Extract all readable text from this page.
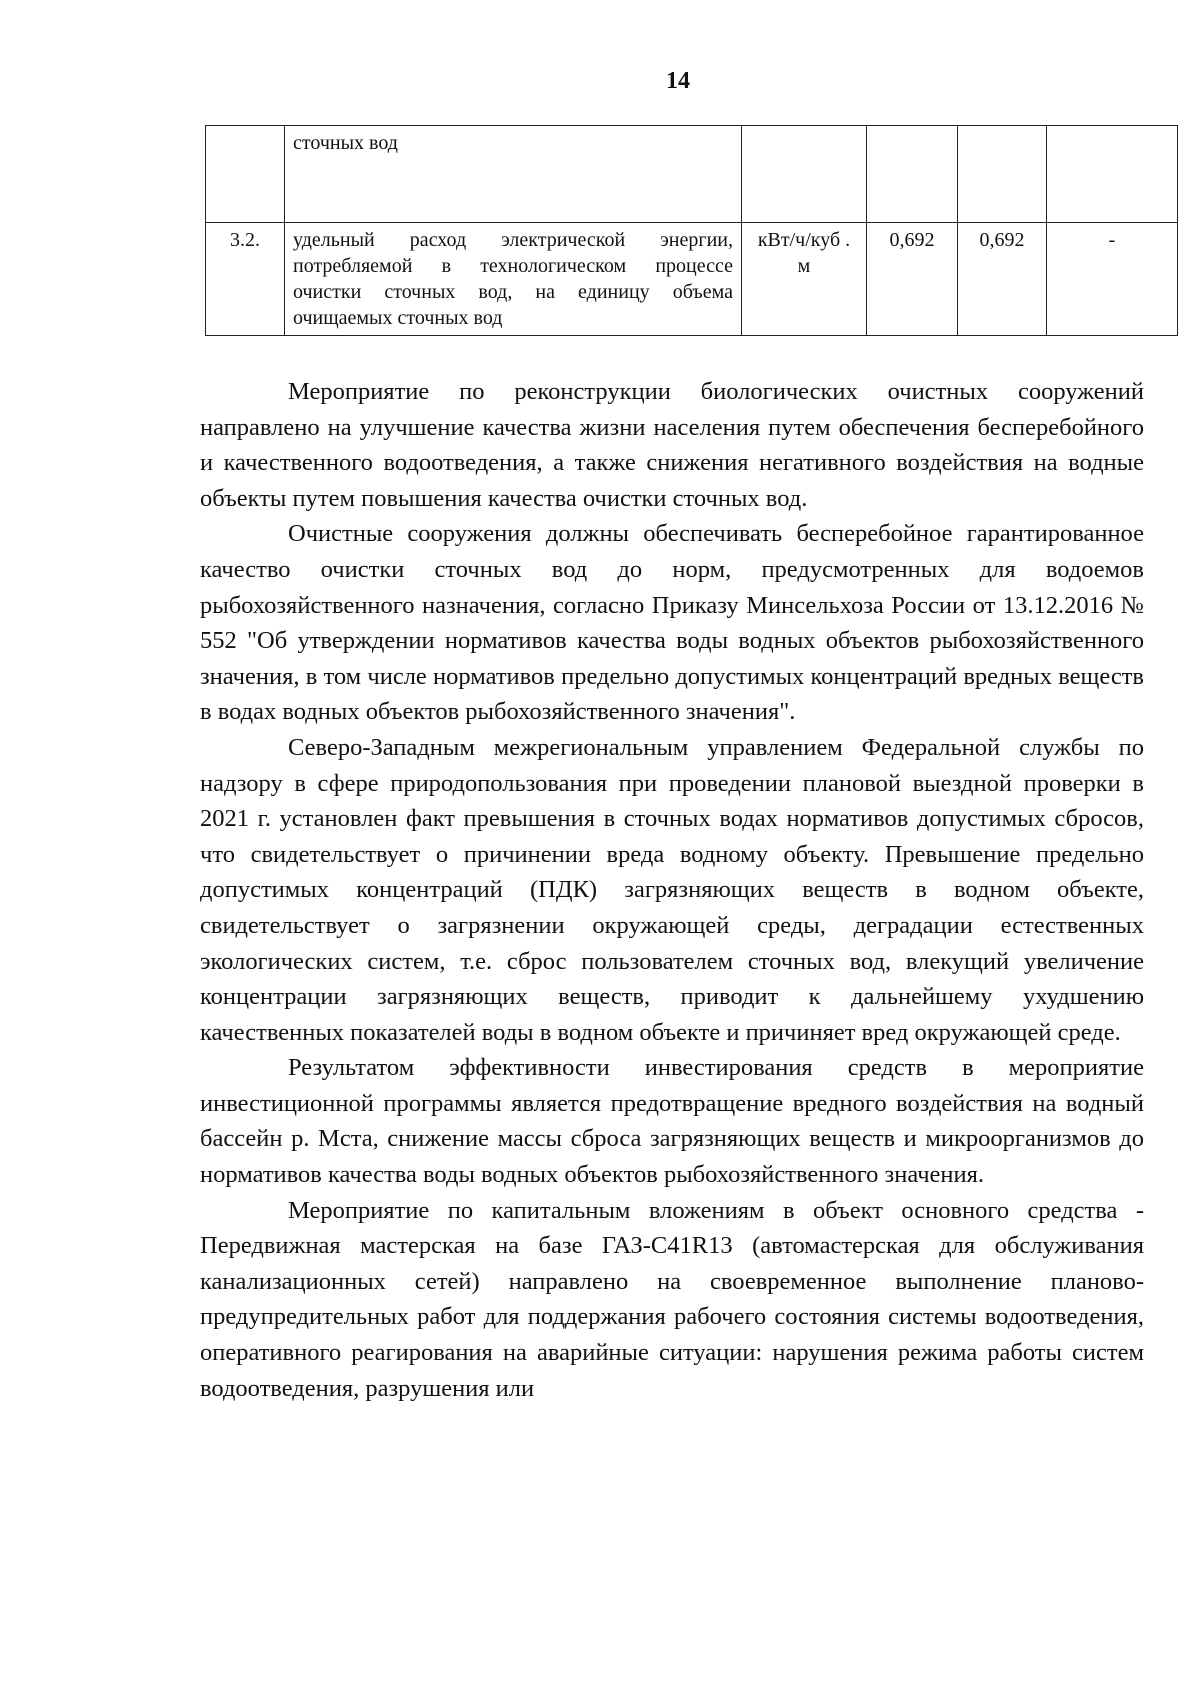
14
	сточных вод				
3.2.	удельный расход электрической энергии, потребляемой в технологическом процессе очистки сточных вод, на единицу объема очищаемых сточных вод	кВт/ч/куб . м	0,692	0,692	-

Мероприятие по реконструкции биологических очистных сооружений направлено на улучшение качества жизни населения путем обеспечения бесперебойного и качественного водоотведения, а также снижения негативного воздействия на водные объекты путем повышения качества очистки сточных вод.

Очистные сооружения должны обеспечивать бесперебойное гарантированное качество очистки сточных вод до норм, предусмотренных для водоемов рыбохозяйственного назначения, согласно Приказу Минсельхоза России от 13.12.2016 № 552 "Об утверждении нормативов качества воды водных объектов рыбохозяйственного значения, в том числе нормативов предельно допустимых концентраций вредных веществ в водах водных объектов рыбохозяйственного значения".

Северо-Западным межрегиональным управлением Федеральной службы по надзору в сфере природопользования при проведении плановой выездной проверки в 2021 г. установлен факт превышения в сточных водах нормативов допустимых сбросов, что свидетельствует о причинении вреда водному объекту. Превышение предельно допустимых концентраций (ПДК) загрязняющих веществ в водном объекте, свидетельствует о загрязнении окружающей среды, деградации естественных экологических систем, т.е. сброс пользователем сточных вод, влекущий увеличение концентрации загрязняющих веществ, приводит к дальнейшему ухудшению качественных показателей воды в водном объекте и причиняет вред окружающей среде.

Результатом эффективности инвестирования средств в мероприятие инвестиционной программы является предотвращение вредного воздействия на водный бассейн р. Мста, снижение массы сброса загрязняющих веществ и микроорганизмов до нормативов качества воды водных объектов рыбохозяйственного значения.

Мероприятие по капитальным вложениям в объект основного средства - Передвижная мастерская на базе ГАЗ-С41R13 (автомастерская для обслуживания канализационных сетей) направлено на своевременное выполнение планово-предупредительных работ для поддержания рабочего состояния системы водоотведения, оперативного реагирования на аварийные ситуации: нарушения режима работы систем водоотведения, разрушения или
